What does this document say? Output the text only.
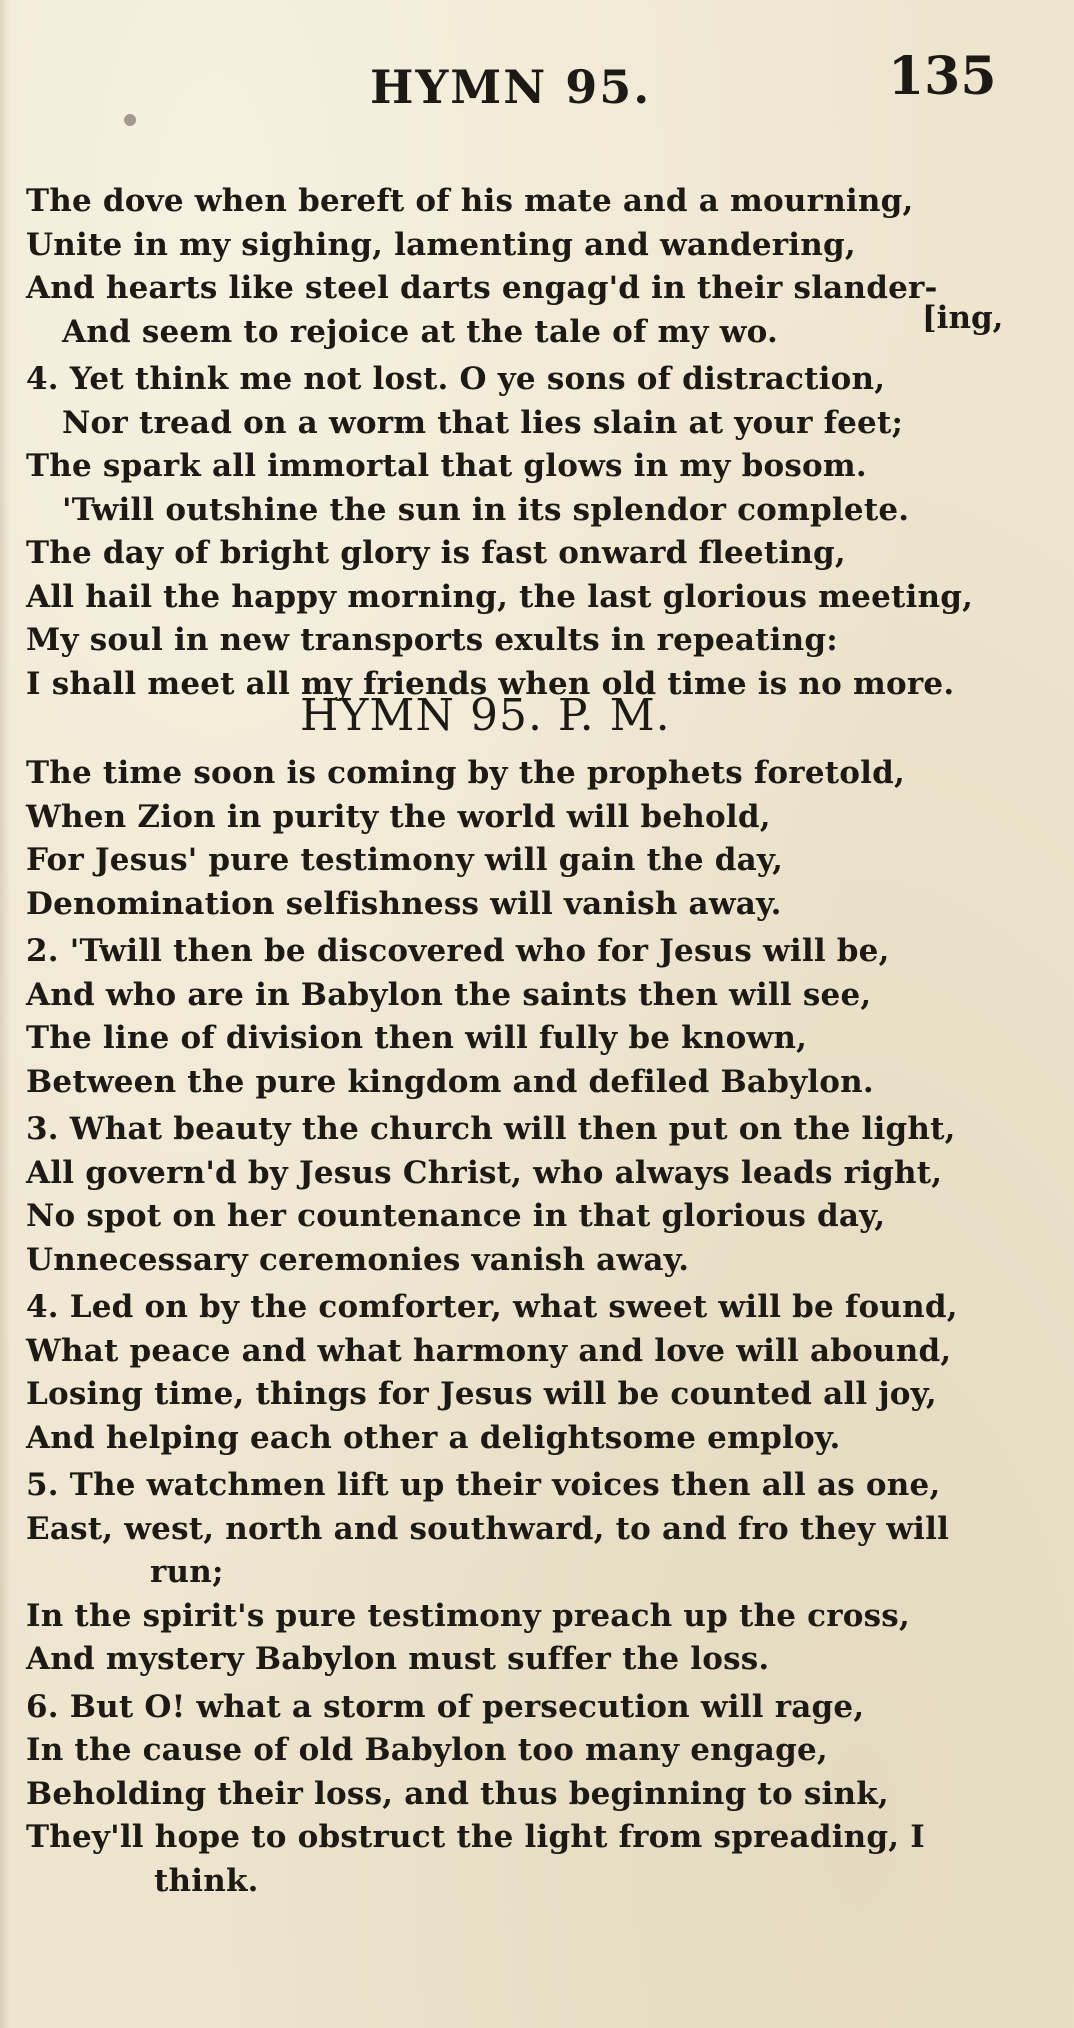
HYMN 95.	135
The dove when bereft of his mate and a mourning,
Unite in my sighing, lamenting and wandering,
And hearts like steel darts engag'd in their slander-
And seem to rejoice at the tale of my wo.
4. Yet think me not lost. O ye sons of distraction,
Nor tread on a worm that lies slain at your feet;
The spark all immortal that glows in my bosom.
'Twill outshine the sun in its splendor complete.
The day of bright glory is fast onward fleeting,
All hail the happy morning, the last glorious meeting,
My soul in new transports exults in repeating:
I shall meet all my friends when old time is no more.
[ing,
HYMN 95. P. M.
The time soon is coming by the prophets foretold,
When Zion in purity the world will behold,
For Jesus' pure testimony will gain the day,
Denomination selfishness will vanish away.
2. 'Twill then be discovered who for Jesus will be,
And who are in Babylon the saints then will see,
The line of division then will fully be known,
Between the pure kingdom and defiled Babylon.
3. What beauty the church will then put on the light,
All govern'd by Jesus Christ, who always leads right,
No spot on her countenance in that glorious day,
Unnecessary ceremonies vanish away.
4. Led on by the comforter, what sweet will be found,
What peace and what harmony and love will abound,
Losing time, things for Jesus will be counted all joy,
And helping each other a delightsome employ.
5. The watchmen lift up their voices then all as one,
East, west, north and southward, to and fro they will
run;
In the spirit's pure testimony preach up the cross,
And mystery Babylon must suffer the loss.
6. But O! what a storm of persecution will rage,
In the cause of old Babylon too many engage,
Beholding their loss, and thus beginning to sink,
They'll hope to obstruct the light from spreading, I
think.
